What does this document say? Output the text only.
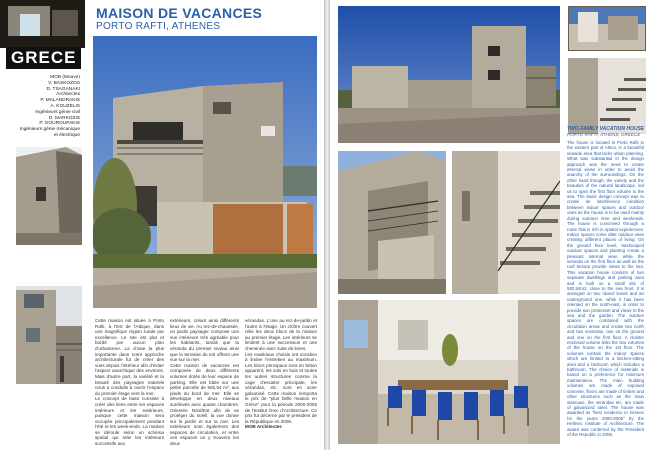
GRECE
MOB (Mouve)
V. BASKOZOS
D. TSAGANAKI
Architectes
P. MALANDRAKIS
A. KOUZELIS
Ingénieurs génie civil
D. MARKOZIS
P. GOUROUPAKIS
Ingénieurs génie mécanique
et électrique
MAISON DE VACANCES
PORTO RAFTI, ATHENES
Cette maison est située à Porto Rafti, à l'Est de l'Attique, dans une magnifique région rurale par excellence. Le site est plat et bordé par aucun plan d'urbanisme. La chose la plus importante dans notre approche architecturale fut de créer des vues depuis l'intérieur afin d'éviter l'aspect anarchique des environs. Mais d'autre part, la variété et la beauté des paysages naturels nous a conduits à ouvrir l'espace du premier étage vers la mer.
Le concept de base consiste à créer des liens entre les espaces intérieurs et les extérieurs, puisque cette maison sera occupée principalement pendant l'été et les week-ends. La maison se déroule selon un schéma spatial qui relie les intérieurs successifs aux
extérieurs, créant ainsi différents lieux de vie. Au rez-de-chaussée, un jardin paysager compose une vue intérieure très agréable pour les habitants, tandis que la véranda du premier niveau ainsi que la terrasse du toit offrent une vue sur la mer.
Cette maison de vacances est composée de deux différents volumes dotés de leur espace de parking. Elle est bâtie sur une petite parcelle de 582,54 m², aux pieds du bord de mer. Elle se développe en deux niveaux surélevés avec quatre chambres. Orientée Nord/Est afin de se protéger du soleil, la vue donne sur le jardin et sur la mer. Les extérieurs sont également des espaces de circulation, et entre ces espaces on y trouvera les deux
vérandas. L'une au rez-de-jardin et l'autre à l'étage. Un cloître couvert relie les deux blocs de la maison au premier étage. Les intérieurs se limitent à une succession et une cheminée avec suite de livres.
Les matériaux choisis ont vocation à limiter l'entretien au maximum. Les blocs principaux sont en béton apparent, les sols en bois et toutes les autres structures comme la cage d'escalier principale, les vérandas, etc. sont en acier galvanisé. Cette maison remporta le prix de "plus belle maison en Grèce" pour la période 2000-2005 de l'Institut Grec d'Architecture. Ce prix fut décerné par le président de la République en 2006.
MOB Architectes
TWO-FAMILY VACATION HOUSE
PORTO RAFTI, ATHENS, GREECE
The house is located in Porto Rafti in the eastern part of Attica, in a beautiful seaside area that lacks urban planning. What was substantial in the design approach was the need to create internal views in order to avoid the anarchy of the surroundings. On the other hand though, the variety and the beauties of the natural landscape, led us to open the first floor volume to the sea. The basic design concept was to create an interference condition between indoor spaces and outdoor ones as the house is to be used mainly during summer time and weekends. The house is conceived through a route that is rich in spatial experiences. Indoor spaces come after outdoor ones creating different places of living. On the ground floor level, landscaped outdoor spaces and planting create a pleasant internal view, while the veranda on the first floor as well as the roof terrace provide views to the sea. This vacation house consists of two separate dwellings and parking area and is built on a small site of 582,54m2, close to the sea front. It is arranged on two raised levels and an underground one, while it has been oriented on the north-east, in order to provide sun protection and views to the sea and the garden. The outdoor spaces are combined with the circulation areas and create two north and two verandas, one on the ground and one on the first floor. A cloister enclosed volume links the two volumes of the house on the 1st floor. The volumes contain the indoor spaces which are limited to a kitchen-sitting area and a bedroom which includes a bathroom. The choice of materials is based on a preference for minimum maintenance. The main building volumes are made of exposed concrete, floors are made of timber and other structures such as the main staircase, the verandas etc. are made of galvanized steel. The house was awarded as "best residence in Greece for the years 2000-2005" by the Hellenic Institute of Architecture. The award was conferred by the President of the Republic in 2006.
